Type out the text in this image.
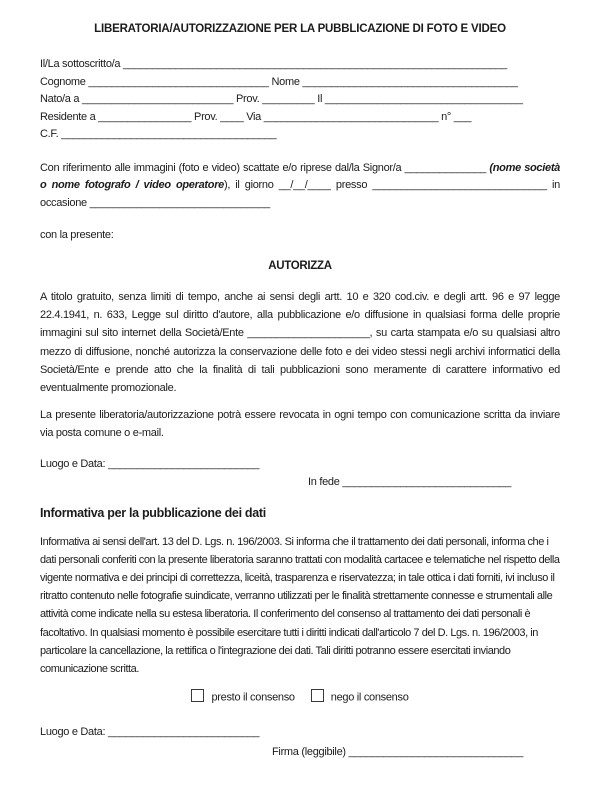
LIBERATORIA/AUTORIZZAZIONE PER LA PUBBLICAZIONE DI FOTO E VIDEO
Il/La sottoscritto/a __________________________________________________________________
Cognome _______________________________ Nome _____________________________________
Nato/a a __________________________ Prov. _________ Il __________________________________
Residente a ________________ Prov. ____ Via ______________________________ n° ___
C.F. _____________________________________

Con riferimento alle immagini (foto e video) scattate e/o riprese dal/la Signor/a ______________ (nome società o nome fotografo / video operatore), il giorno __/__/____ presso ______________________________ in occasione _______________________________

con la presente:

AUTORIZZA

A titolo gratuito, senza limiti di tempo, anche ai sensi degli artt. 10 e 320 cod.civ. e degli artt. 96 e 97 legge 22.4.1941, n. 633, Legge sul diritto d'autore, alla pubblicazione e/o diffusione in qualsiasi forma delle proprie immagini sul sito internet della Società/Ente _____________________, su carta stampata e/o su qualsiasi altro mezzo di diffusione, nonché autorizza la conservazione delle foto e dei video stessi negli archivi informatici della Società/Ente e prende atto che la finalità di tali pubblicazioni sono meramente di carattere informativo ed eventualmente promozionale.

La presente liberatoria/autorizzazione potrà essere revocata in ogni tempo con comunicazione scritta da inviare via posta comune o e-mail.

Luogo e Data: __________________________
In fede _____________________________

Informativa per la pubblicazione dei dati

Informativa ai sensi dell'art. 13 del D. Lgs. n. 196/2003. Si informa che il trattamento dei dati personali, informa che i dati personali conferiti con la presente liberatoria saranno trattati con modalità cartacee e telematiche nel rispetto della vigente normativa e dei principi di correttezza, liceità, trasparenza e riservatezza; in tale ottica i dati forniti, ivi incluso il ritratto contenuto nelle fotografie suindicate, verranno utilizzati per le finalità strettamente connesse e strumentali alle attività come indicate nella su estesa liberatoria. Il conferimento del consenso al trattamento dei dati personali è facoltativo. In qualsiasi momento è possibile esercitare tutti i diritti indicati dall'articolo 7 del D. Lgs. n. 196/2003, in particolare la cancellazione, la rettifica o l'integrazione dei dati. Tali diritti potranno essere esercitati inviando comunicazione scritta.

presto il consenso	nego il consenso
Luogo e Data: __________________________
Firma (leggibile) ______________________________
